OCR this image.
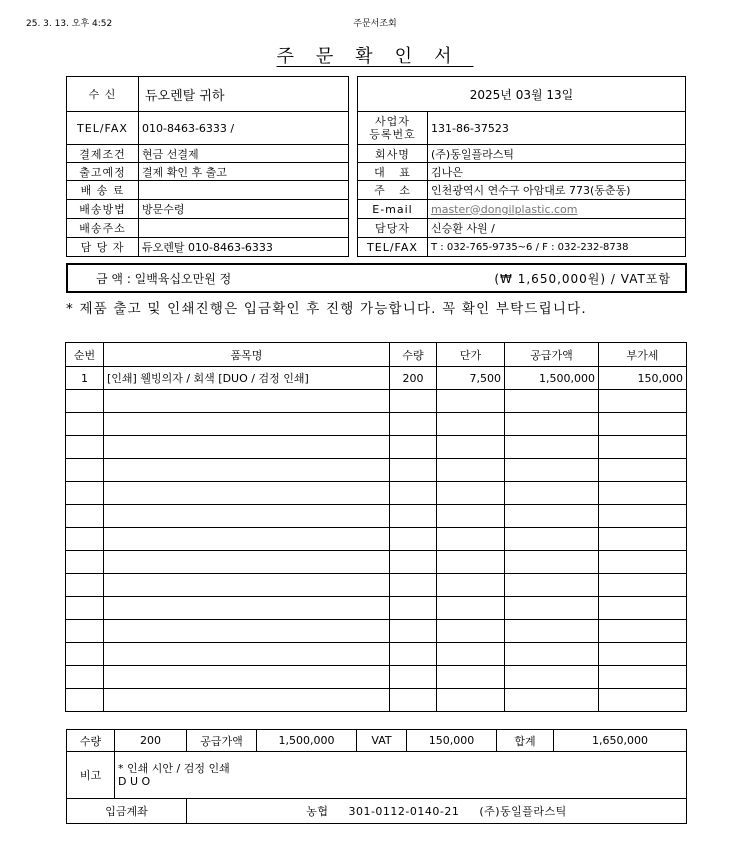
25. 3. 13. 오후 4:52	주문서조회
주문확인서
수 신	듀오렌탈 귀하
TEL/FAX	010-8463-6333 /
결제조건	현금 선결제
출고예정	결제 확인 후 출고
배 송 료	
배송방법	방문수령
배송주소	
담 당 자	듀오렌탈 010-8463-6333
2025년 03월 13일	

사업자
등록번호	131-86-37523
회사명	(주)동일플라스틱
대   표	김나은
주   소	인천광역시 연수구 아암대로 773(동춘동)
E-mail	master@dongilplastic.com
담당자	신승환 사원 /
TEL/FAX	T : 032-765-9735~6 / F : 032-232-8738
금 액 : 일백육십오만원 정	(₩ 1,650,000원) / VAT포함
* 제품 출고 및 인쇄진행은 입금확인 후 진행 가능합니다. 꼭 확인 부탁드립니다.
순번	품목명	수량	단가	공급가액	부가세
1	[인쇄] 웰빙의자 / 회색 [DUO / 검정 인쇄]	200	7,500	1,500,000	150,000

수량	200	공급가액	1,500,000	VAT	150,000	합계	1,650,000
비고	* 인쇄 시안 / 검정 인쇄
D U O						

입금계좌		농협 301-0112-0140-21 (주)동일플라스틱					
